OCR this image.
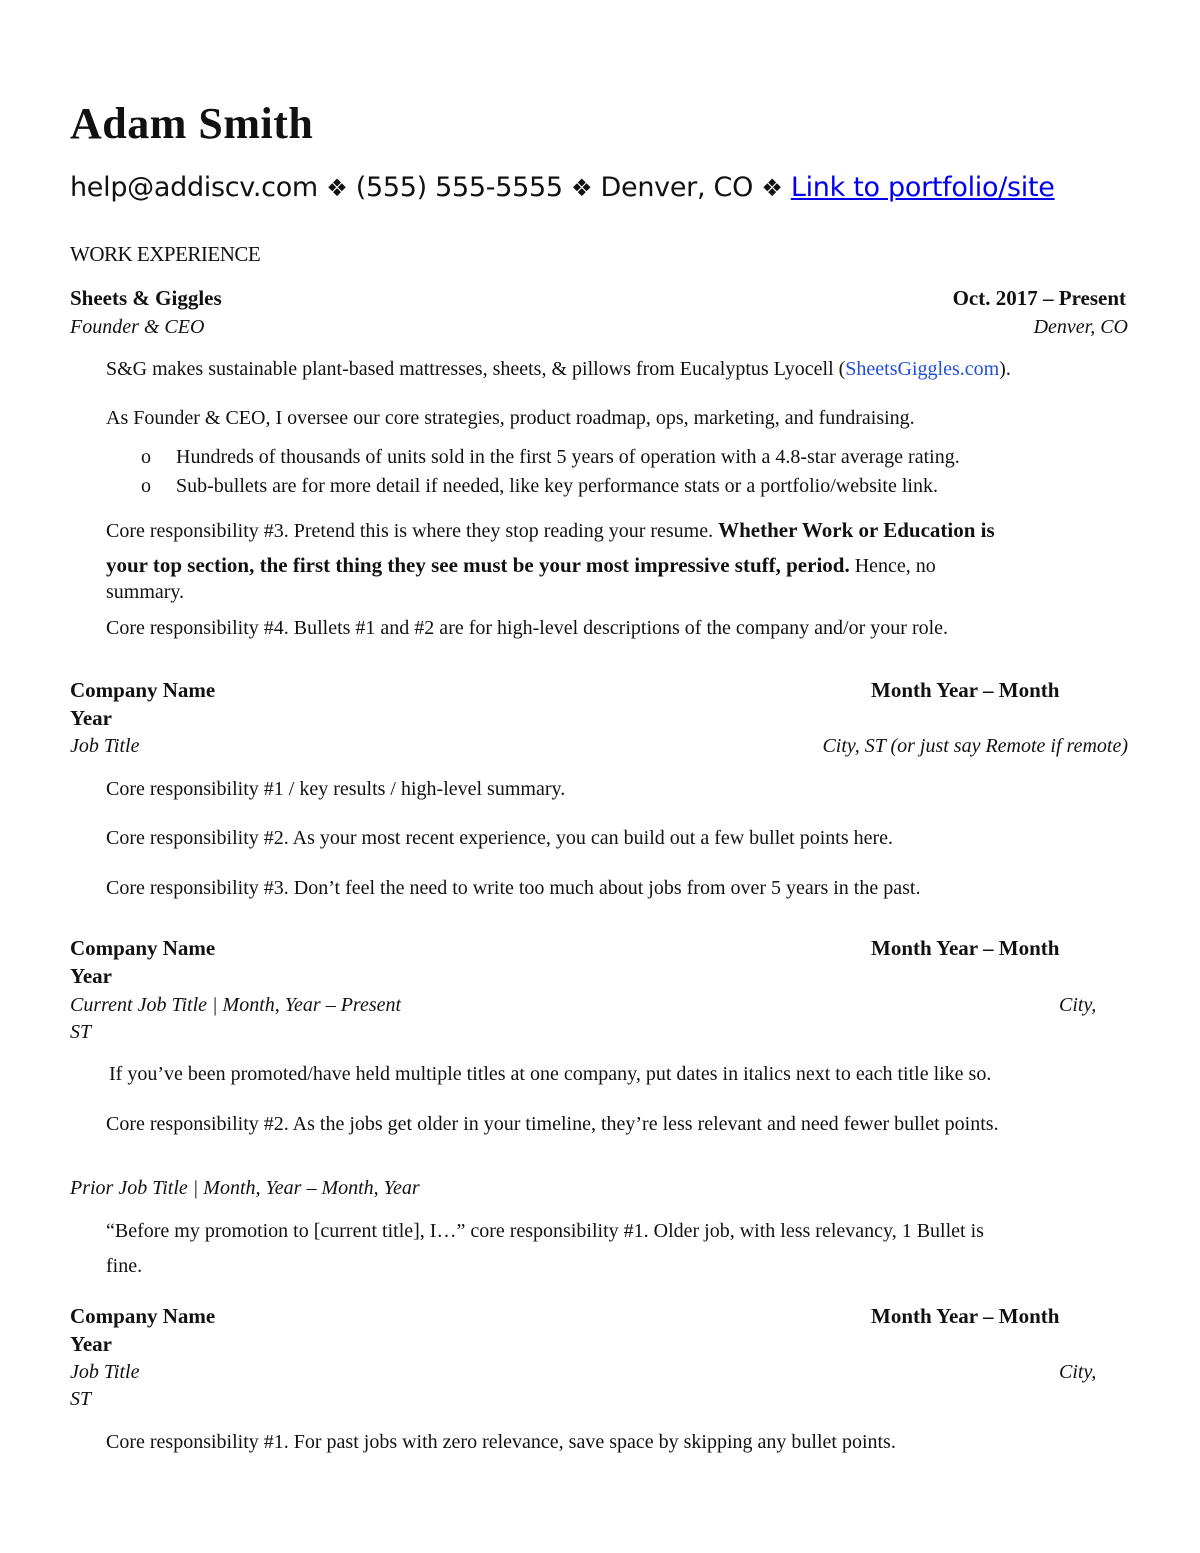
Adam Smith
help@addiscv.com ❖ (555) 555-5555 ❖ Denver, CO ❖ Link to portfolio/site
WORK EXPERIENCE
Sheets & Giggles	Oct. 2017 – Present
Founder & CEO	Denver, CO
S&G makes sustainable plant-based mattresses, sheets, & pillows from Eucalyptus Lyocell (SheetsGiggles.com).
As Founder & CEO, I oversee our core strategies, product roadmap, ops, marketing, and fundraising.
o Hundreds of thousands of units sold in the first 5 years of operation with a 4.8-star average rating.
o Sub-bullets are for more detail if needed, like key performance stats or a portfolio/website link.
Core responsibility #3. Pretend this is where they stop reading your resume. Whether Work or Education is
your top section, the first thing they see must be your most impressive stuff, period. Hence, no
summary.
Core responsibility #4. Bullets #1 and #2 are for high-level descriptions of the company and/or your role.
Company Name	Month Year – Month
Year
Job Title	City, ST (or just say Remote if remote)
Core responsibility #1 / key results / high-level summary.
Core responsibility #2. As your most recent experience, you can build out a few bullet points here.
Core responsibility #3. Don’t feel the need to write too much about jobs from over 5 years in the past.
Company Name	Month Year – Month
Year
Current Job Title | Month, Year – Present	City,
ST
If you’ve been promoted/have held multiple titles at one company, put dates in italics next to each title like so.
Core responsibility #2. As the jobs get older in your timeline, they’re less relevant and need fewer bullet points.
Prior Job Title | Month, Year – Month, Year
“Before my promotion to [current title], I…” core responsibility #1. Older job, with less relevancy, 1 Bullet is
fine.
Company Name	Month Year – Month
Year
Job Title	City,
ST
Core responsibility #1. For past jobs with zero relevance, save space by skipping any bullet points.
